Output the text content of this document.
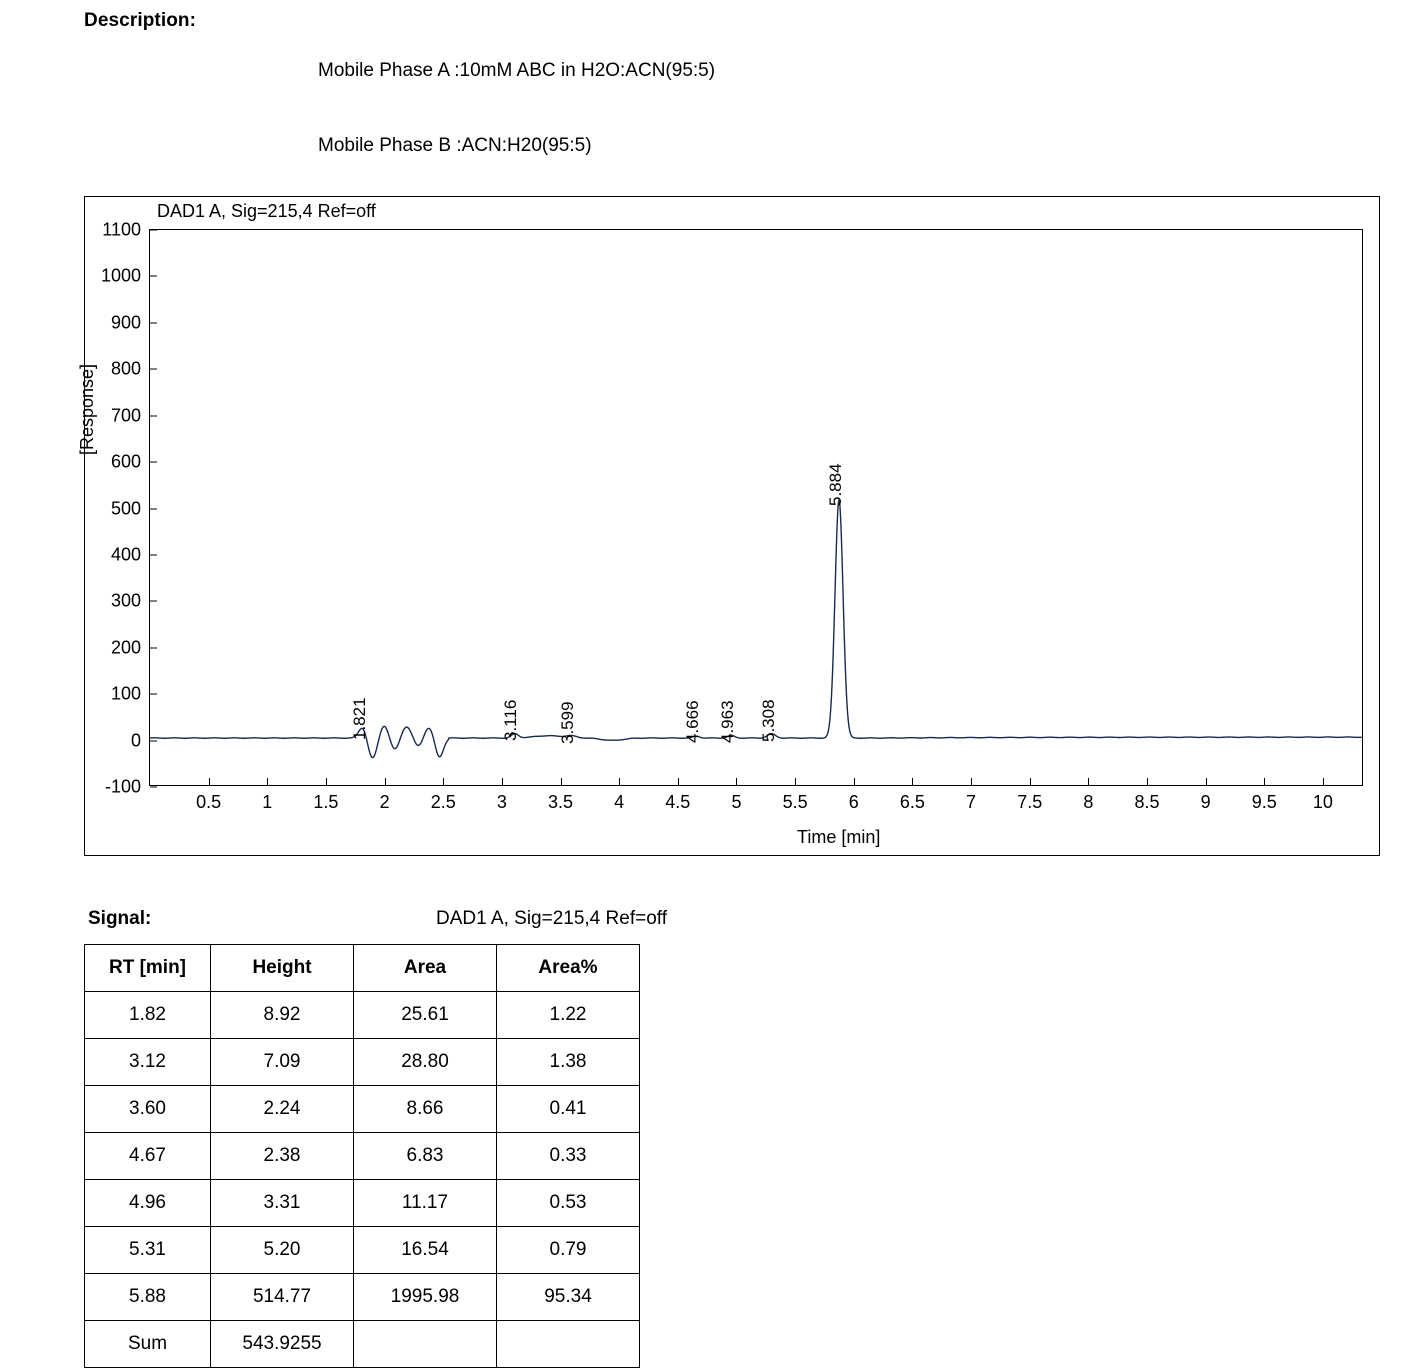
Description:

Mobile Phase A :10mM ABC in H2O:ACN(95:5)

Mobile Phase B :ACN:H20(95:5)

DAD1 A, Sig=215,4 Ref=off
[Response]
Time [min]
1100
1000
900
800
700
600
500
400
300
200
100
0
-100
0.5 1 1.5 2 2.5 3 3.5 4 4.5 5 5.5 6 6.5 7 7.5 8 8.5 9 9.5 10
1.821	3.116 3.599	4.666 4.963 5.308
5.884
Signal:	DAD1 A, Sig=215,4 Ref=off
RT [min]	Height	Area	Area%
1.82	8.92	25.61	1.22
3.12	7.09	28.80	1.38
3.60	2.24	8.66	0.41
4.67	2.38	6.83	0.33
4.96	3.31	11.17	0.53
5.31	5.20	16.54	0.79
5.88	514.77	1995.98	95.34
Sum	543.9255		
